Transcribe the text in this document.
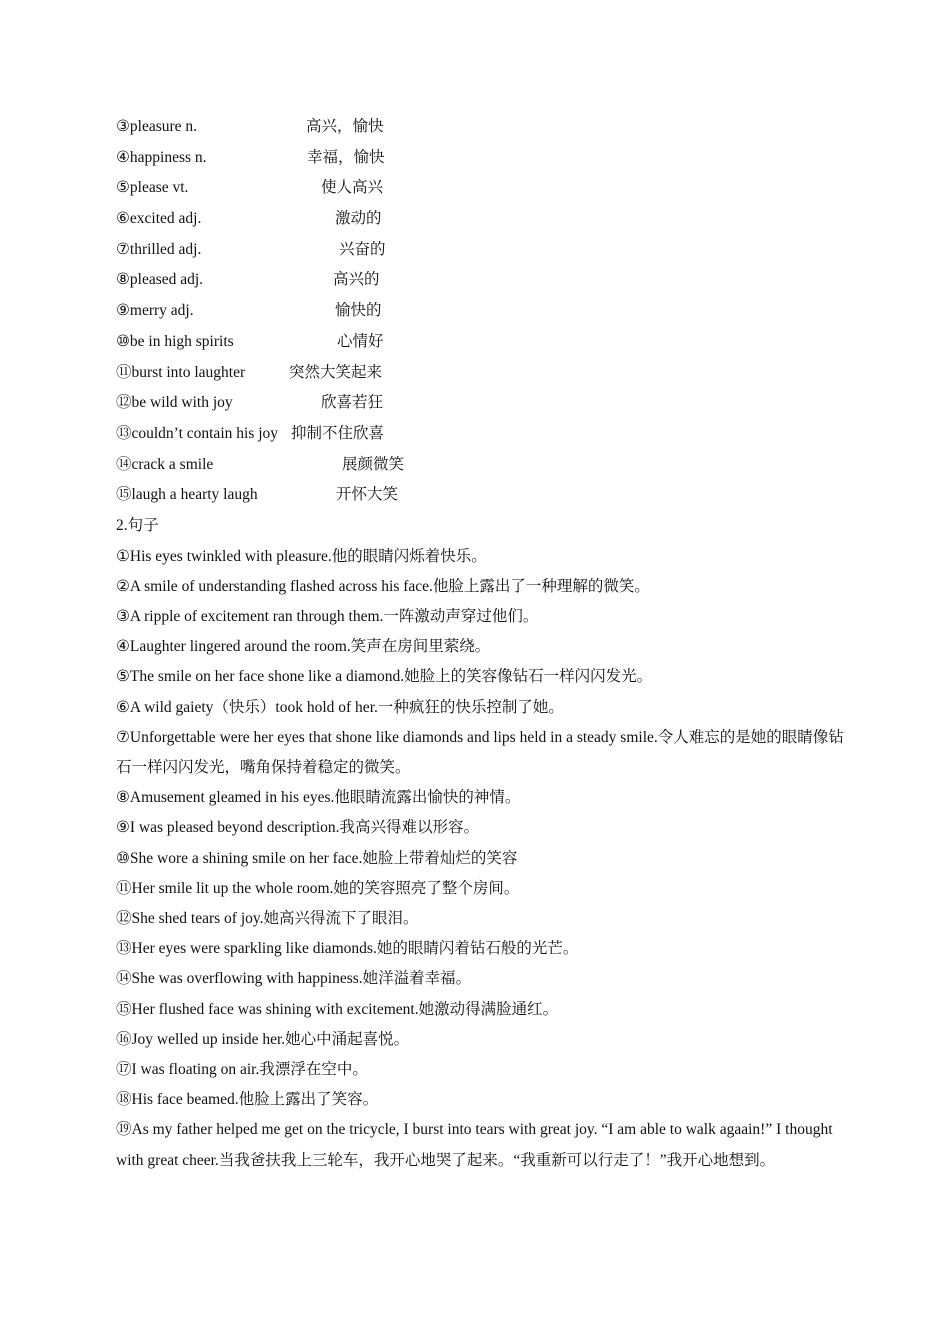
③pleasure n.	高兴，愉快
④happiness n.	幸福，愉快
⑤please vt.	使人高兴
⑥excited adj.	激动的
⑦thrilled adj.	兴奋的
⑧pleased adj.	高兴的
⑨merry adj.	愉快的
⑩be in high spirits	心情好
⑪burst into laughter	突然大笑起来
⑫be wild with joy	欣喜若狂
⑬couldn’t contain his joy 抑制不住欣喜
⑭crack a smile	展颜微笑
⑮laugh a hearty laugh	开怀大笑
2.句子

①His eyes twinkled with pleasure.他的眼睛闪烁着快乐。

②A smile of understanding flashed across his face.他脸上露出了一种理解的微笑。

③A ripple of excitement ran through them.一阵激动声穿过他们。

④Laughter lingered around the room.笑声在房间里萦绕。

⑤The smile on her face shone like a diamond.她脸上的笑容像钻石一样闪闪发光。

⑥A wild gaiety（快乐）took hold of her.一种疯狂的快乐控制了她。

⑦Unforgettable were her eyes that shone like diamonds and lips held in a steady smile.令人难忘的是她的眼睛像钻石一样闪闪发光，嘴角保持着稳定的微笑。

⑧Amusement gleamed in his eyes.他眼睛流露出愉快的神情。

⑨I was pleased beyond description.我高兴得难以形容。

⑩She wore a shining smile on her face.她脸上带着灿烂的笑容

⑪Her smile lit up the whole room.她的笑容照亮了整个房间。

⑫She shed tears of joy.她高兴得流下了眼泪。

⑬Her eyes were sparkling like diamonds.她的眼睛闪着钻石般的光芒。

⑭She was overflowing with happiness.她洋溢着幸福。

⑮Her flushed face was shining with excitement.她激动得满脸通红。

⑯Joy welled up inside her.她心中涌起喜悦。

⑰I was floating on air.我漂浮在空中。

⑱His face beamed.他脸上露出了笑容。

⑲As my father helped me get on the tricycle, I burst into tears with great joy. “I am able to walk agaain!” I thought with great cheer.当我爸扶我上三轮车，我开心地哭了起来。“我重新可以行走了！”我开心地想到。
